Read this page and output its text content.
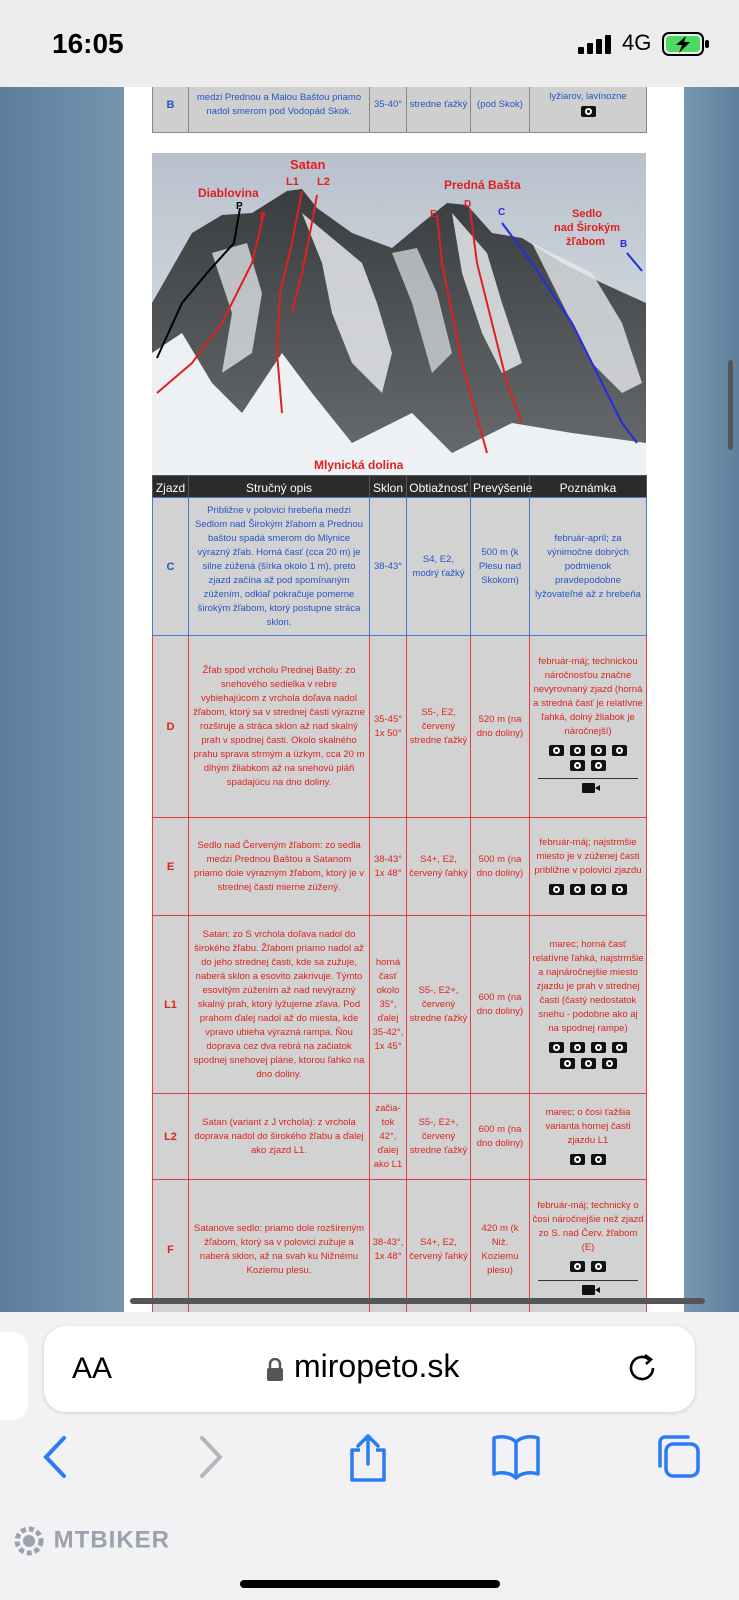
16:05	4G
B	medzi Prednou a Malou Baštou priamo nadol smerom pod Vodopád Skok.	35-40°	stredne ťažký	(pod Skok)	lyžiarov, lavínozne

Satan
L1 L2
Diablovina
P
F
Predná Bašta
E
D
C	Sedlo
nad Širokým
žľabom B
Mlynická dolina
Zjazd	Stručný opis	Sklon	Obtiažnosť	Prevýšenie	Poznámka
C	Približne v polovici hrebeňa medzi Sedlom nad Širokým žľabom a Prednou baštou spadá smerom do Mlynice výrazný žľab. Horná časť (cca 20 m) je silne zúžená (šírka okolo 1 m), preto zjazd začína až pod spomínaným zúžením, odkiaľ pokračuje pomerne širokým žľabom, ktorý postupne stráca sklon.	38-43°	S4, E2, modrý ťažký	500 m (k Plesu nad Skokom)	február-apríl; za výnimočne dobrých podmienok pravdepodobne lyžovateľné až z hrebeňa
D	Žľab spod vrcholu Prednej Bašty: zo snehového sedielka v rebre vybiehajúcom z vrchola doľava nadol žľabom, ktorý sa v strednej časti výrazne rozširuje a stráca sklon až nad skalný prah v spodnej časti. Okolo skalného prahu sprava strmým a úzkym, cca 20 m dlhým žliabkom až na snehovú pláň spadajúcu na dno doliny.	35-45° 1x 50°	S5-, E2, červený stredne ťažký	520 m (na dno doliny)	február-máj; technickou náročnosťou značne nevyrovnaný zjazd (horná a stredná časť je relatívne ľahká, dolný žliabok je náročnejší)

E	Sedlo nad Červeným žľabom: zo sedla medzi Prednou Baštou a Satanom priamo dole výrazným žľabom, ktorý je v strednej časti mierne zúžený.	38-43° 1x 48°	S4+, E2, červený ľahký	500 m (na dno doliny)	február-máj; najstrmšie miesto je v zúženej časti približne v polovici zjazdu

L1	Satan: zo S vrchola doľava nadol do širokého žľabu. Žľabom priamo nadol až do jeho strednej časti, kde sa zužuje, naberá sklon a esovito zakrivuje. Týmto esovitým zúžením až nad nevýrazný skalný prah, ktorý lyžujeme zľava. Pod prahom ďalej nadol až do miesta, kde vpravo ubieha výrazná rampa. Ňou doprava cez dva rebrá na začiatok spodnej snehovej pláne, ktorou ľahko na dno doliny.	horná časť okolo 35°, ďalej 35-42°, 1x 45°	S5-, E2+, červený stredne ťažký	600 m (na dno doliny)	marec; horná časť relatívne ľahká, najstrmšie a najnáročnejšie miesto zjazdu je prah v strednej časti (častý nedostatok snehu - podobne ako aj na spodnej rampe)

L2	Satan (variant z J vrchola): z vrchola doprava nadol do širokého žľabu a ďalej ako zjazd L1.	začia-tok 42°, ďalej ako L1	S5-, E2+, červený stredne ťažký	600 m (na dno doliny)	marec; o čosi ťažšia varianta hornej časti zjazdu L1

F	Satanove sedlo: priamo dole rozšíreným žľabom, ktorý sa v polovici zužuje a naberá sklon, až na svah ku Nižnému Koziemu plesu.	38-43°, 1x 48°	S4+, E2, červený ľahký	420 m (k Niž. Koziemu plesu)	február-máj; technicky o čosi náročnejšie než zjazd zo S. nad Červ. žľabom (E)
AA	miropeto.sk
MTBIKER
